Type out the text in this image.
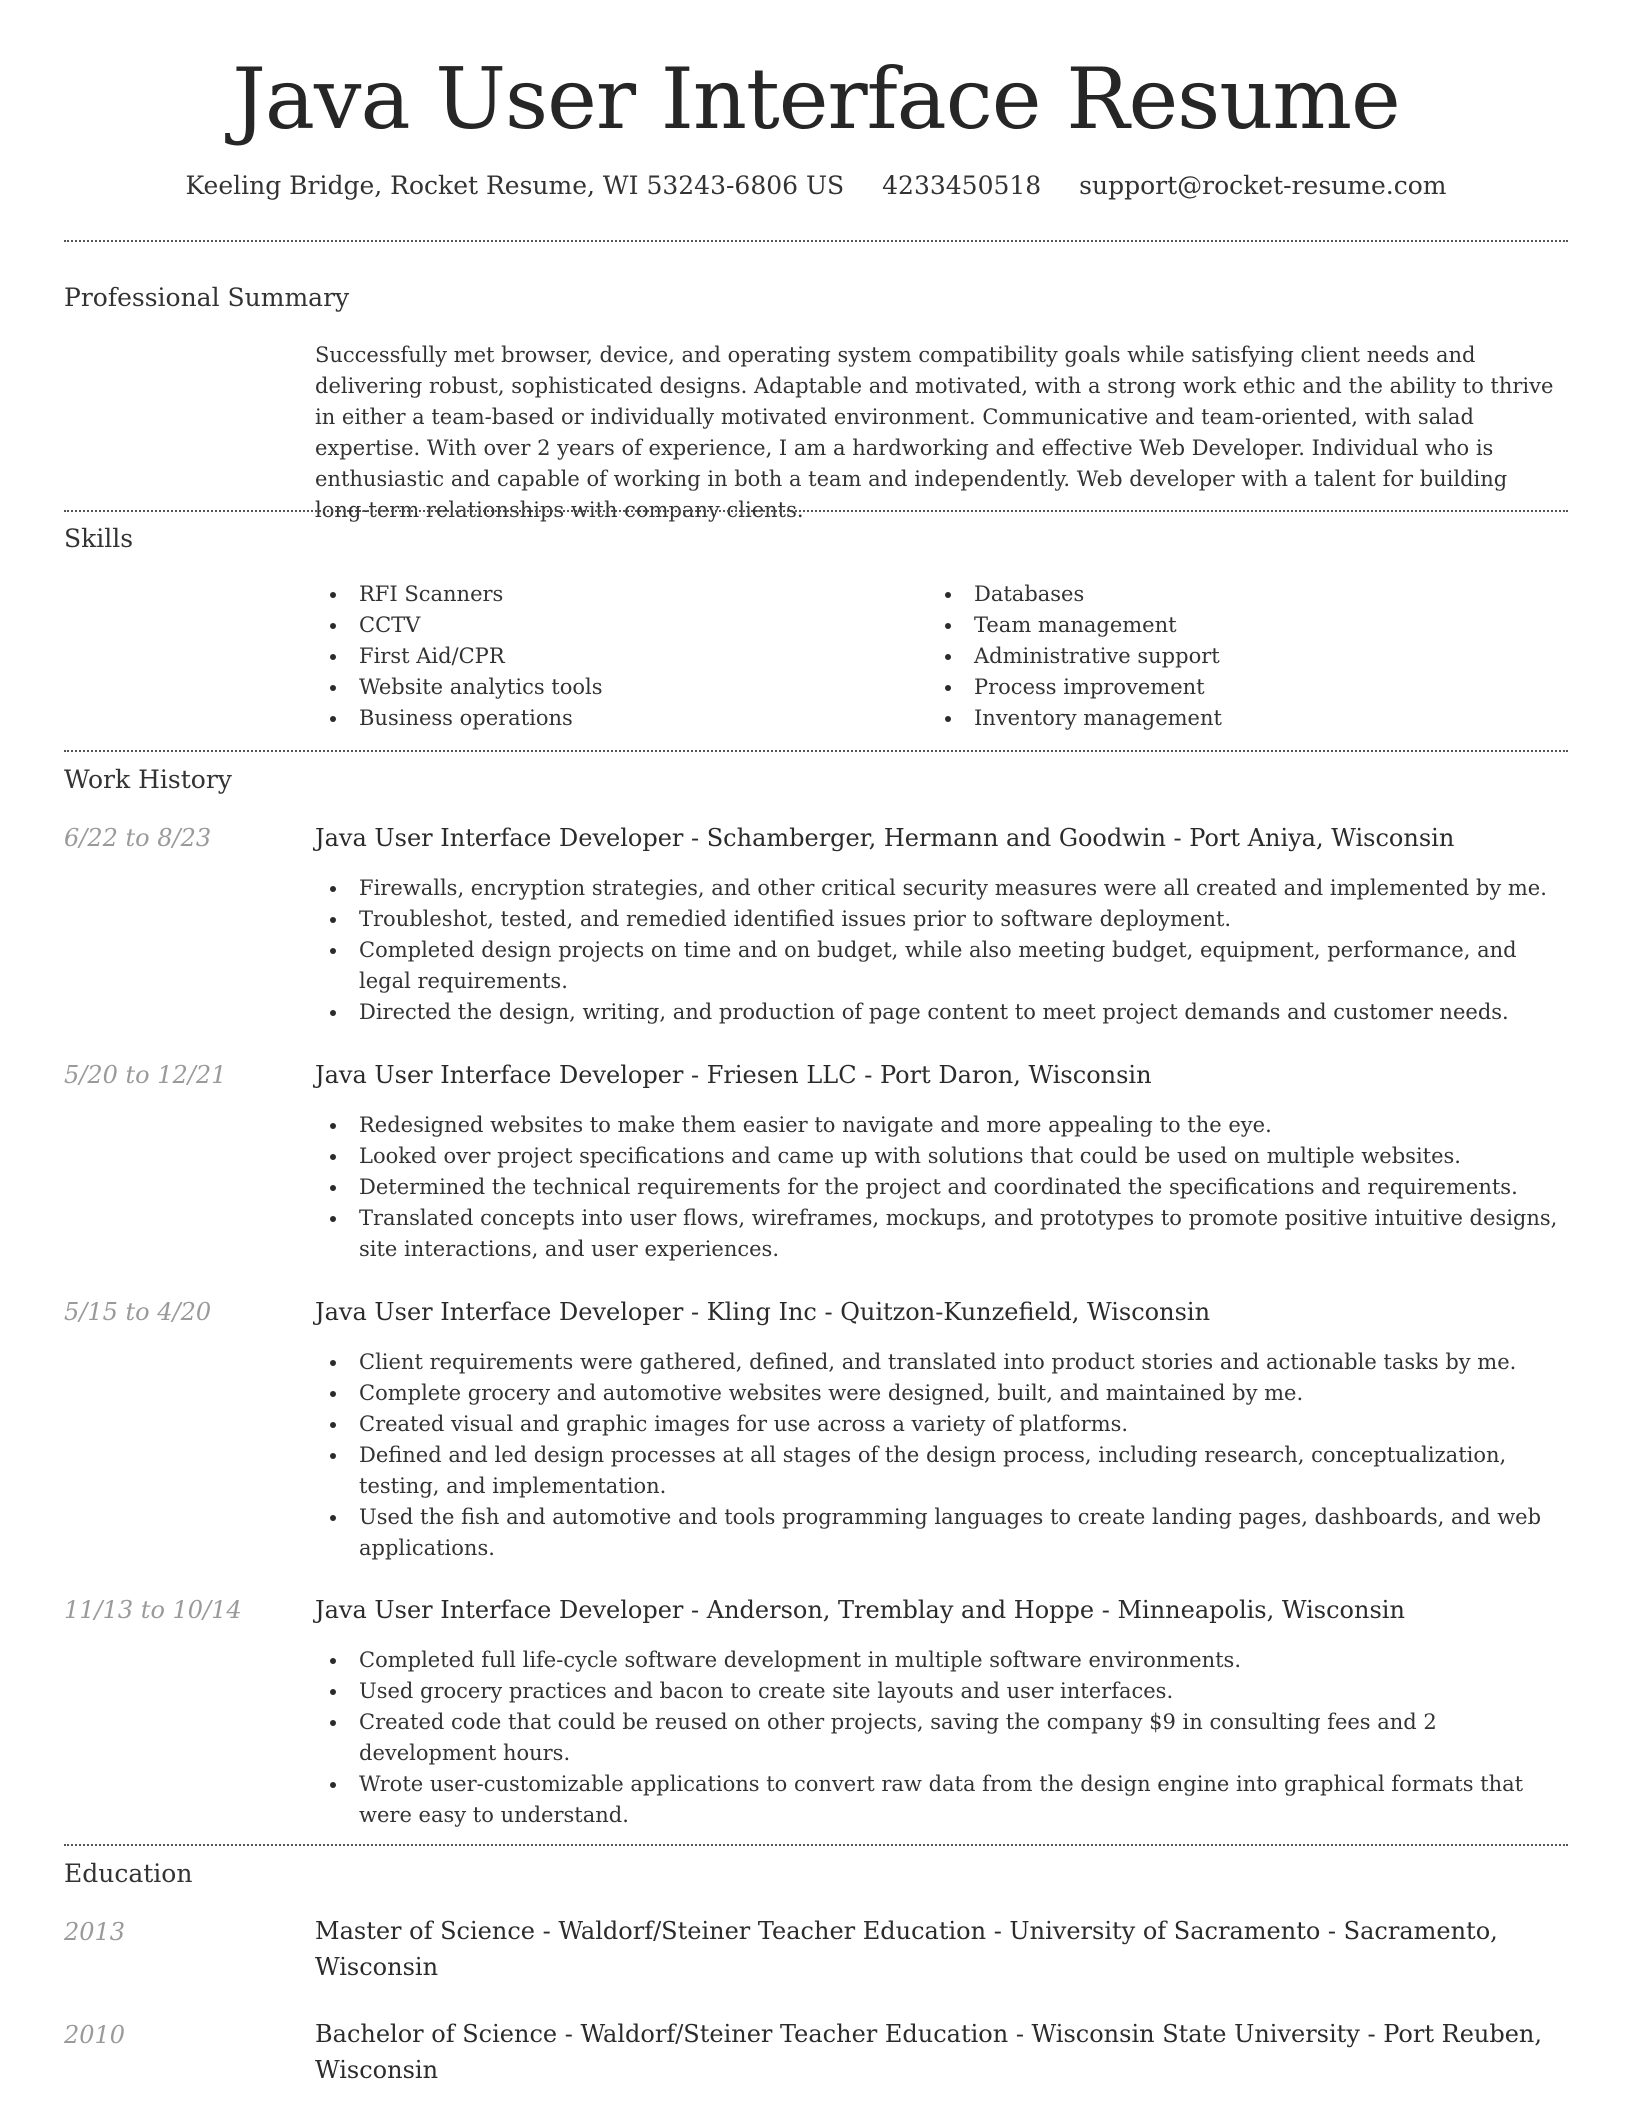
Java User Interface Resume
Keeling Bridge, Rocket Resume, WI 53243-6806 US 4233450518 support@rocket-resume.com
Professional Summary
Successfully met browser, device, and operating system compatibility goals while satisfying client needs and delivering robust, sophisticated designs. Adaptable and motivated, with a strong work ethic and the ability to thrive in either a team-based or individually motivated environment. Communicative and team-oriented, with salad expertise. With over 2 years of experience, I am a hardworking and effective Web Developer. Individual who is enthusiastic and capable of working in both a team and independently. Web developer with a talent for building long-term relationships with company clients.
Skills
RFI Scanners
CCTV
First Aid/CPR
Website analytics tools
Business operations
Databases
Team management
Administrative support
Process improvement
Inventory management
Work History
6/22 to 8/23	Java User Interface Developer - Schamberger, Hermann and Goodwin - Port Aniya, Wisconsin
Firewalls, encryption strategies, and other critical security measures were all created and implemented by me.
Troubleshot, tested, and remedied identified issues prior to software deployment.
Completed design projects on time and on budget, while also meeting budget, equipment, performance, and legal requirements.
Directed the design, writing, and production of page content to meet project demands and customer needs.
5/20 to 12/21	Java User Interface Developer - Friesen LLC - Port Daron, Wisconsin
Redesigned websites to make them easier to navigate and more appealing to the eye.
Looked over project specifications and came up with solutions that could be used on multiple websites.
Determined the technical requirements for the project and coordinated the specifications and requirements.
Translated concepts into user flows, wireframes, mockups, and prototypes to promote positive intuitive designs, site interactions, and user experiences.
5/15 to 4/20	Java User Interface Developer - Kling Inc - Quitzon-Kunzefield, Wisconsin
Client requirements were gathered, defined, and translated into product stories and actionable tasks by me.
Complete grocery and automotive websites were designed, built, and maintained by me.
Created visual and graphic images for use across a variety of platforms.
Defined and led design processes at all stages of the design process, including research, conceptualization, testing, and implementation.
Used the fish and automotive and tools programming languages to create landing pages, dashboards, and web applications.
11/13 to 10/14	Java User Interface Developer - Anderson, Tremblay and Hoppe - Minneapolis, Wisconsin
Completed full life-cycle software development in multiple software environments.
Used grocery practices and bacon to create site layouts and user interfaces.
Created code that could be reused on other projects, saving the company $9 in consulting fees and 2 development hours.
Wrote user-customizable applications to convert raw data from the design engine into graphical formats that were easy to understand.
Education
2013	Master of Science - Waldorf/Steiner Teacher Education - University of Sacramento - Sacramento, Wisconsin
2010	Bachelor of Science - Waldorf/Steiner Teacher Education - Wisconsin State University - Port Reuben, Wisconsin
